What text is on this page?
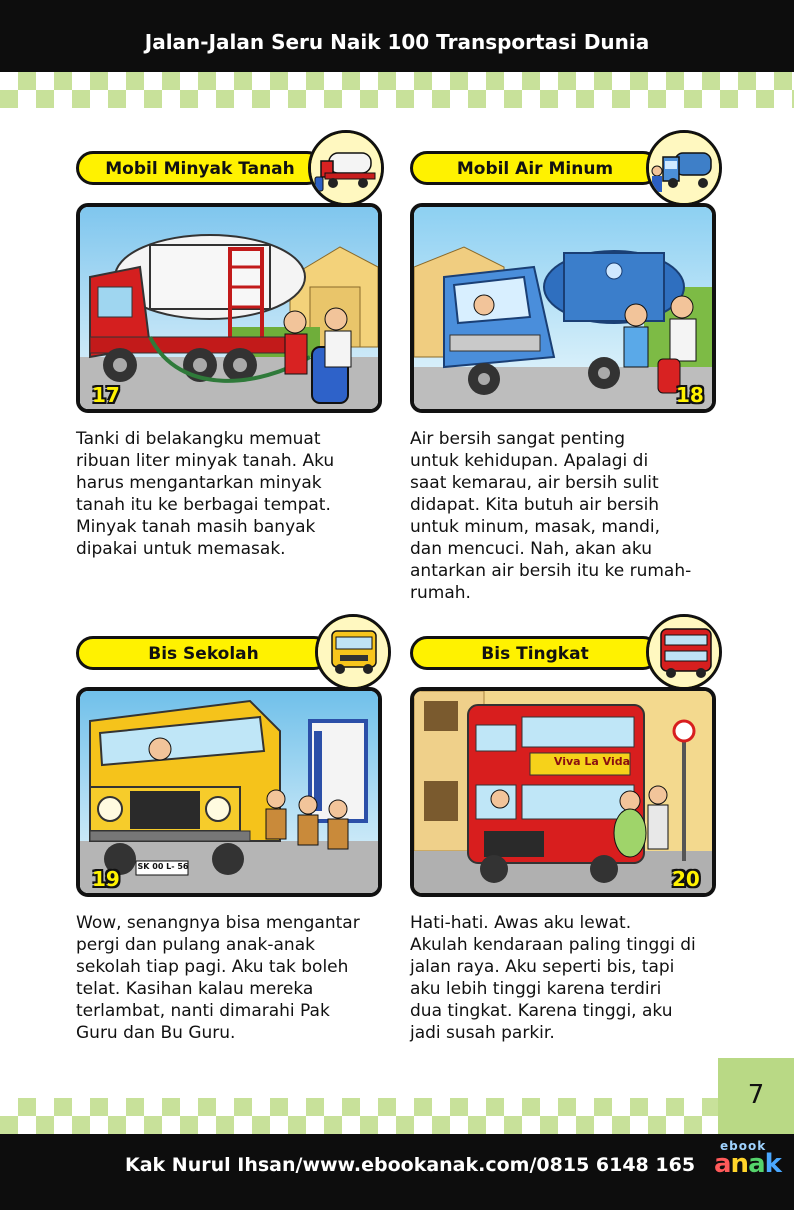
Jalan-Jalan Seru Naik 100 Transportasi Dunia
Mobil Minyak Tanah
17
Tanki di belakangku memuat
ribuan liter minyak tanah. Aku
harus mengantarkan minyak
tanah itu ke berbagai tempat.
Minyak tanah masih banyak
dipakai untuk memasak.
Mobil Air Minum
18
Air bersih sangat penting
untuk kehidupan. Apalagi di
saat kemarau, air bersih sulit
didapat. Kita butuh air bersih
untuk minum, masak, mandi,
dan mencuci. Nah, akan aku
antarkan air bersih itu ke rumah-
rumah.
Bis Sekolah
SK 00 L- 56
19
Wow, senangnya bisa mengantar
pergi dan pulang anak-anak
sekolah tiap pagi. Aku tak boleh
telat. Kasihan kalau mereka
terlambat, nanti dimarahi Pak
Guru dan Bu Guru.
Bis Tingkat
Viva La Vida
20
Hati-hati. Awas aku lewat.
Akulah kendaraan paling tinggi di
jalan raya. Aku seperti bis, tapi
aku lebih tinggi karena terdiri
dua tingkat. Karena tinggi, aku
jadi susah parkir.
7
Kak Nurul Ihsan/www.ebookanak.com/0815 6148 165
ebook
anak
